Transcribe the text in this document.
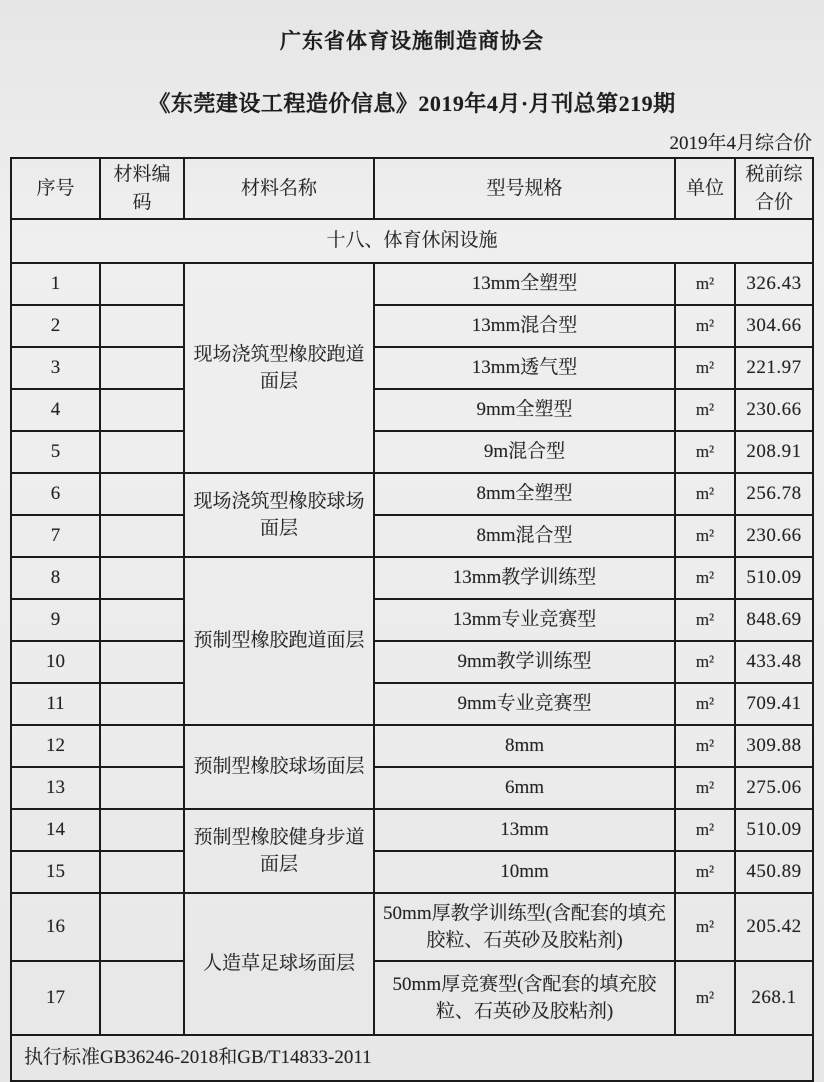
广东省体育设施制造商协会
《东莞建设工程造价信息》2019年4月·月刊总第219期
2019年4月综合价
序号	材料编码	材料名称	型号规格	单位	税前综合价
十八、体育休闲设施					
1		现场浇筑型橡胶跑道面层	13mm全塑型	m²	326.43
2			13mm混合型	m²	304.66
3			13mm透气型	m²	221.97
4			9mm全塑型	m²	230.66
5			9m混合型	m²	208.91
6		现场浇筑型橡胶球场面层	8mm全塑型	m²	256.78
7			8mm混合型	m²	230.66
8		预制型橡胶跑道面层	13mm教学训练型	m²	510.09
9			13mm专业竞赛型	m²	848.69
10			9mm教学训练型	m²	433.48
11			9mm专业竞赛型	m²	709.41
12		预制型橡胶球场面层	8mm	m²	309.88
13			6mm	m²	275.06
14		预制型橡胶健身步道面层	13mm	m²	510.09
15			10mm	m²	450.89
16		人造草足球场面层	50mm厚教学训练型(含配套的填充胶粒、石英砂及胶粘剂)	m²	205.42
17			50mm厚竞赛型(含配套的填充胶粒、石英砂及胶粘剂)	m²	268.1
执行标准GB36246-2018和GB/T14833-2011					
